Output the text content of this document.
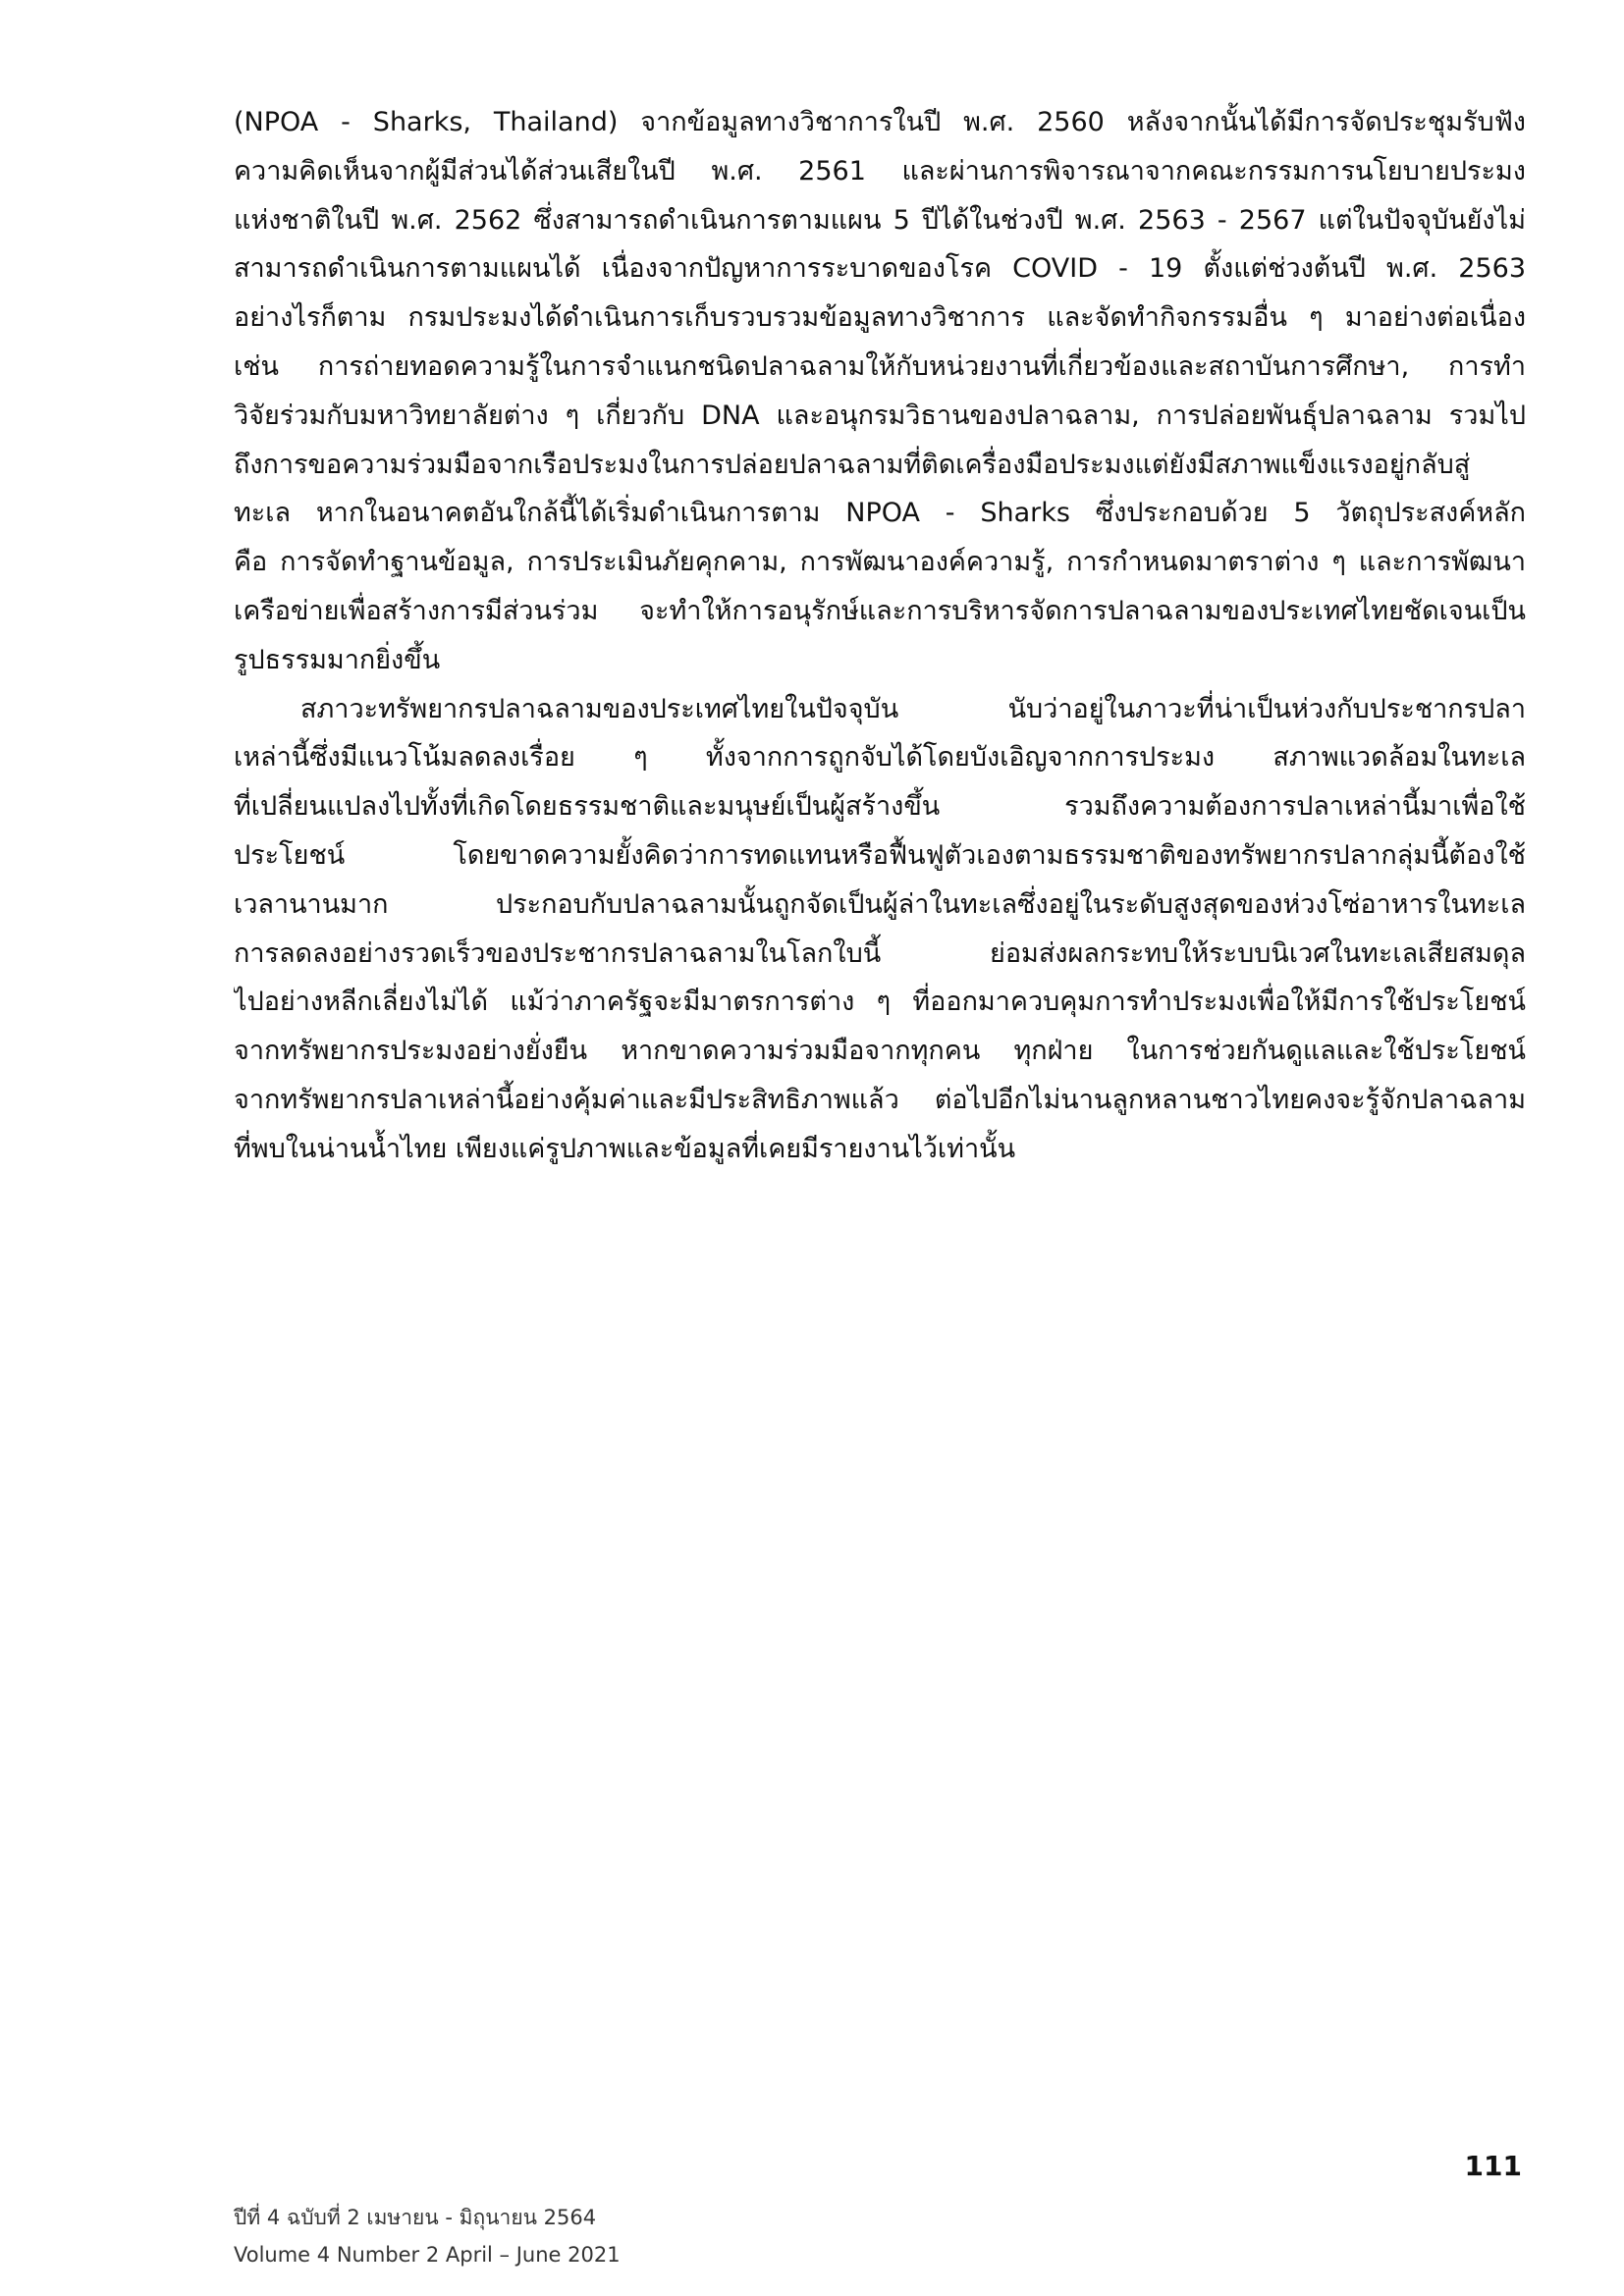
(NPOA - Sharks, Thailand) จากข้อมูลทางวิชาการในปี พ.ศ. 2560 หลังจากนั้นได้มีการจัดประชุมรับฟัง
ความคิดเห็นจากผู้มีส่วนได้ส่วนเสียในปี พ.ศ. 2561 และผ่านการพิจารณาจากคณะกรรมการนโยบายประมง
แห่งชาติในปี พ.ศ. 2562 ซึ่งสามารถดำเนินการตามแผน 5 ปีได้ในช่วงปี พ.ศ. 2563 - 2567 แต่ในปัจจุบันยังไม่
สามารถดำเนินการตามแผนได้ เนื่องจากปัญหาการระบาดของโรค COVID - 19 ตั้งแต่ช่วงต้นปี พ.ศ. 2563
อย่างไรก็ตาม กรมประมงได้ดำเนินการเก็บรวบรวมข้อมูลทางวิชาการ และจัดทำกิจกรรมอื่น ๆ มาอย่างต่อเนื่อง
เช่น การถ่ายทอดความรู้ในการจำแนกชนิดปลาฉลามให้กับหน่วยงานที่เกี่ยวข้องและสถาบันการศึกษา, การทำ
วิจัยร่วมกับมหาวิทยาลัยต่าง ๆ เกี่ยวกับ DNA และอนุกรมวิธานของปลาฉลาม, การปล่อยพันธุ์ปลาฉลาม รวมไป
ถึงการขอความร่วมมือจากเรือประมงในการปล่อยปลาฉลามที่ติดเครื่องมือประมงแต่ยังมีสภาพแข็งแรงอยู่กลับสู่
ทะเล หากในอนาคตอันใกล้นี้ได้เริ่มดำเนินการตาม NPOA - Sharks ซึ่งประกอบด้วย 5 วัตถุประสงค์หลัก
คือ การจัดทำฐานข้อมูล, การประเมินภัยคุกคาม, การพัฒนาองค์ความรู้, การกำหนดมาตราต่าง ๆ และการพัฒนา
เครือข่ายเพื่อสร้างการมีส่วนร่วม จะทำให้การอนุรักษ์และการบริหารจัดการปลาฉลามของประเทศไทยชัดเจนเป็น
รูปธรรมมากยิ่งขึ้น
สภาวะทรัพยากรปลาฉลามของประเทศไทยในปัจจุบัน นับว่าอยู่ในภาวะที่น่าเป็นห่วงกับประชากรปลา
เหล่านี้ซึ่งมีแนวโน้มลดลงเรื่อย ๆ ทั้งจากการถูกจับได้โดยบังเอิญจากการประมง สภาพแวดล้อมในทะเล
ที่เปลี่ยนแปลงไปทั้งที่เกิดโดยธรรมชาติและมนุษย์เป็นผู้สร้างขึ้น รวมถึงความต้องการปลาเหล่านี้มาเพื่อใช้
ประโยชน์ โดยขาดความยั้งคิดว่าการทดแทนหรือฟื้นฟูตัวเองตามธรรมชาติของทรัพยากรปลากลุ่มนี้ต้องใช้
เวลานานมาก ประกอบกับปลาฉลามนั้นถูกจัดเป็นผู้ล่าในทะเลซึ่งอยู่ในระดับสูงสุดของห่วงโซ่อาหารในทะเล
การลดลงอย่างรวดเร็วของประชากรปลาฉลามในโลกใบนี้ ย่อมส่งผลกระทบให้ระบบนิเวศในทะเลเสียสมดุล
ไปอย่างหลีกเลี่ยงไม่ได้ แม้ว่าภาครัฐจะมีมาตรการต่าง ๆ ที่ออกมาควบคุมการทำประมงเพื่อให้มีการใช้ประโยชน์
จากทรัพยากรประมงอย่างยั่งยืน หากขาดความร่วมมือจากทุกคน ทุกฝ่าย ในการช่วยกันดูแลและใช้ประโยชน์
จากทรัพยากรปลาเหล่านี้อย่างคุ้มค่าและมีประสิทธิภาพแล้ว ต่อไปอีกไม่นานลูกหลานชาวไทยคงจะรู้จักปลาฉลาม
ที่พบในน่านน้ำไทย เพียงแค่รูปภาพและข้อมูลที่เคยมีรายงานไว้เท่านั้น
111
ปีที่ 4 ฉบับที่ 2 เมษายน - มิถุนายน 2564
Volume 4 Number 2 April – June 2021
